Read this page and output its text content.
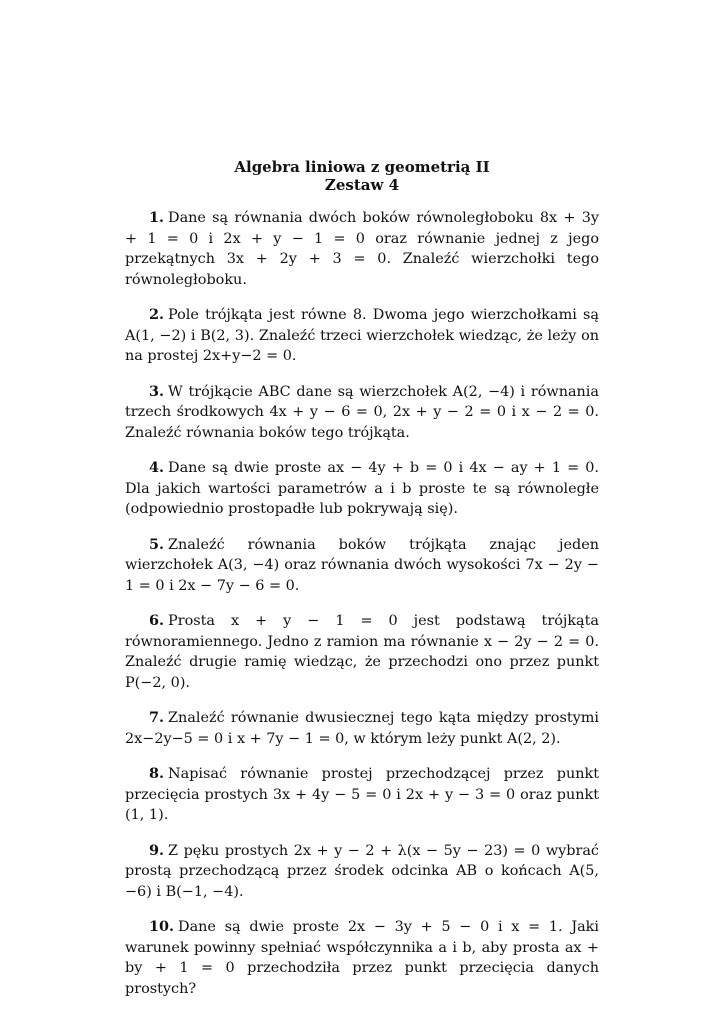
Algebra liniowa z geometrią II
Zestaw 4

1. Dane są równania dwóch boków równoległoboku 8x + 3y + 1 = 0 i 2x + y − 1 = 0 oraz równanie jednej z jego przekątnych 3x + 2y + 3 = 0. Znaleźć wierzchołki tego równoległoboku.

2. Pole trójkąta jest równe 8. Dwoma jego wierzchołkami są A(1, −2) i B(2, 3). Znaleźć trzeci wierzchołek wiedząc, że leży on na prostej 2x+y−2 = 0.

3. W trójkącie ABC dane są wierzchołek A(2, −4) i równania trzech środkowych 4x + y − 6 = 0, 2x + y − 2 = 0 i x − 2 = 0. Znaleźć równania boków tego trójkąta.

4. Dane są dwie proste ax − 4y + b = 0 i 4x − ay + 1 = 0. Dla jakich wartości parametrów a i b proste te są równoległe (odpowiednio prostopadłe lub pokrywają się).

5. Znaleźć równania boków trójkąta znając jeden wierzchołek A(3, −4) oraz równania dwóch wysokości 7x − 2y − 1 = 0 i 2x − 7y − 6 = 0.

6. Prosta x + y − 1 = 0 jest podstawą trójkąta równoramiennego. Jedno z ramion ma równanie x − 2y − 2 = 0. Znaleźć drugie ramię wiedząc, że przechodzi ono przez punkt P(−2, 0).

7. Znaleźć równanie dwusiecznej tego kąta między prostymi 2x−2y−5 = 0 i x + 7y − 1 = 0, w którym leży punkt A(2, 2).

8. Napisać równanie prostej przechodzącej przez punkt przecięcia prostych 3x + 4y − 5 = 0 i 2x + y − 3 = 0 oraz punkt (1, 1).

9. Z pęku prostych 2x + y − 2 + λ(x − 5y − 23) = 0 wybrać prostą przechodzącą przez środek odcinka AB o końcach A(5, −6) i B(−1, −4).

10. Dane są dwie proste 2x − 3y + 5 − 0 i x = 1. Jaki warunek powinny spełniać współczynnika a i b, aby prosta ax + by + 1 = 0 przechodziła przez punkt przecięcia danych prostych?
